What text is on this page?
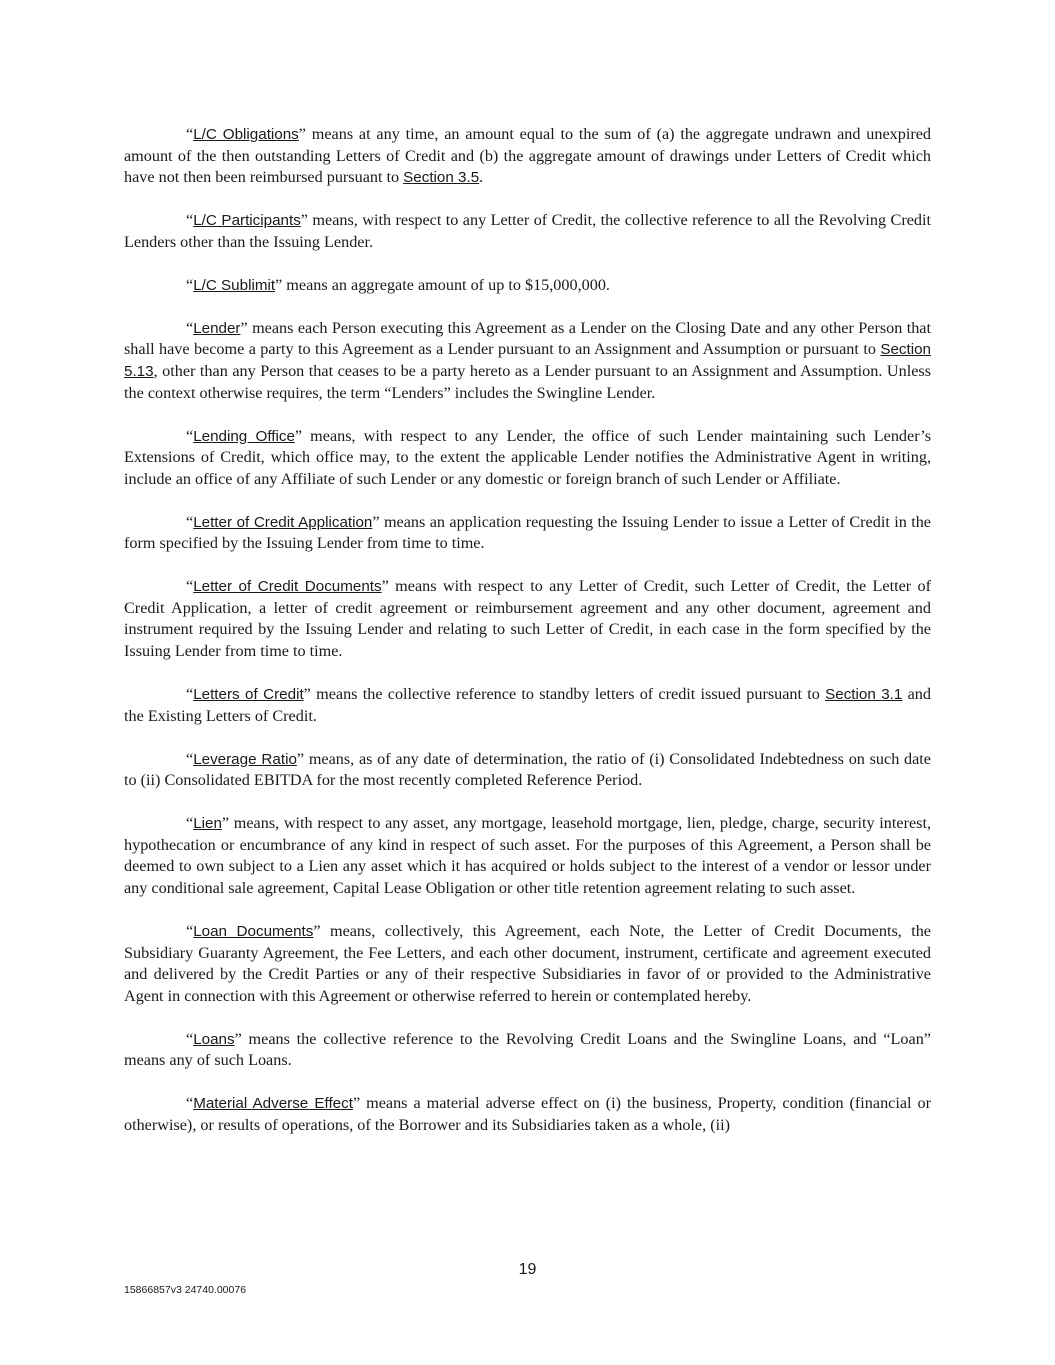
“L/C Obligations” means at any time, an amount equal to the sum of (a) the aggregate undrawn and unexpired amount of the then outstanding Letters of Credit and (b) the aggregate amount of drawings under Letters of Credit which have not then been reimbursed pursuant to Section 3.5.

“L/C Participants” means, with respect to any Letter of Credit, the collective reference to all the Revolving Credit Lenders other than the Issuing Lender.

“L/C Sublimit” means an aggregate amount of up to $15,000,000.

“Lender” means each Person executing this Agreement as a Lender on the Closing Date and any other Person that shall have become a party to this Agreement as a Lender pursuant to an Assignment and Assumption or pursuant to Section 5.13, other than any Person that ceases to be a party hereto as a Lender pursuant to an Assignment and Assumption. Unless the context otherwise requires, the term “Lenders” includes the Swingline Lender.

“Lending Office” means, with respect to any Lender, the office of such Lender maintaining such Lender’s Extensions of Credit, which office may, to the extent the applicable Lender notifies the Administrative Agent in writing, include an office of any Affiliate of such Lender or any domestic or foreign branch of such Lender or Affiliate.

“Letter of Credit Application” means an application requesting the Issuing Lender to issue a Letter of Credit in the form specified by the Issuing Lender from time to time.

“Letter of Credit Documents” means with respect to any Letter of Credit, such Letter of Credit, the Letter of Credit Application, a letter of credit agreement or reimbursement agreement and any other document, agreement and instrument required by the Issuing Lender and relating to such Letter of Credit, in each case in the form specified by the Issuing Lender from time to time.

“Letters of Credit” means the collective reference to standby letters of credit issued pursuant to Section 3.1 and the Existing Letters of Credit.

“Leverage Ratio” means, as of any date of determination, the ratio of (i) Consolidated Indebtedness on such date to (ii) Consolidated EBITDA for the most recently completed Reference Period.

“Lien” means, with respect to any asset, any mortgage, leasehold mortgage, lien, pledge, charge, security interest, hypothecation or encumbrance of any kind in respect of such asset. For the purposes of this Agreement, a Person shall be deemed to own subject to a Lien any asset which it has acquired or holds subject to the interest of a vendor or lessor under any conditional sale agreement, Capital Lease Obligation or other title retention agreement relating to such asset.

“Loan Documents” means, collectively, this Agreement, each Note, the Letter of Credit Documents, the Subsidiary Guaranty Agreement, the Fee Letters, and each other document, instrument, certificate and agreement executed and delivered by the Credit Parties or any of their respective Subsidiaries in favor of or provided to the Administrative Agent in connection with this Agreement or otherwise referred to herein or contemplated hereby.

“Loans” means the collective reference to the Revolving Credit Loans and the Swingline Loans, and “Loan” means any of such Loans.

“Material Adverse Effect” means a material adverse effect on (i) the business, Property, condition (financial or otherwise), or results of operations, of the Borrower and its Subsidiaries taken as a whole, (ii)

19
15866857v3 24740.00076
